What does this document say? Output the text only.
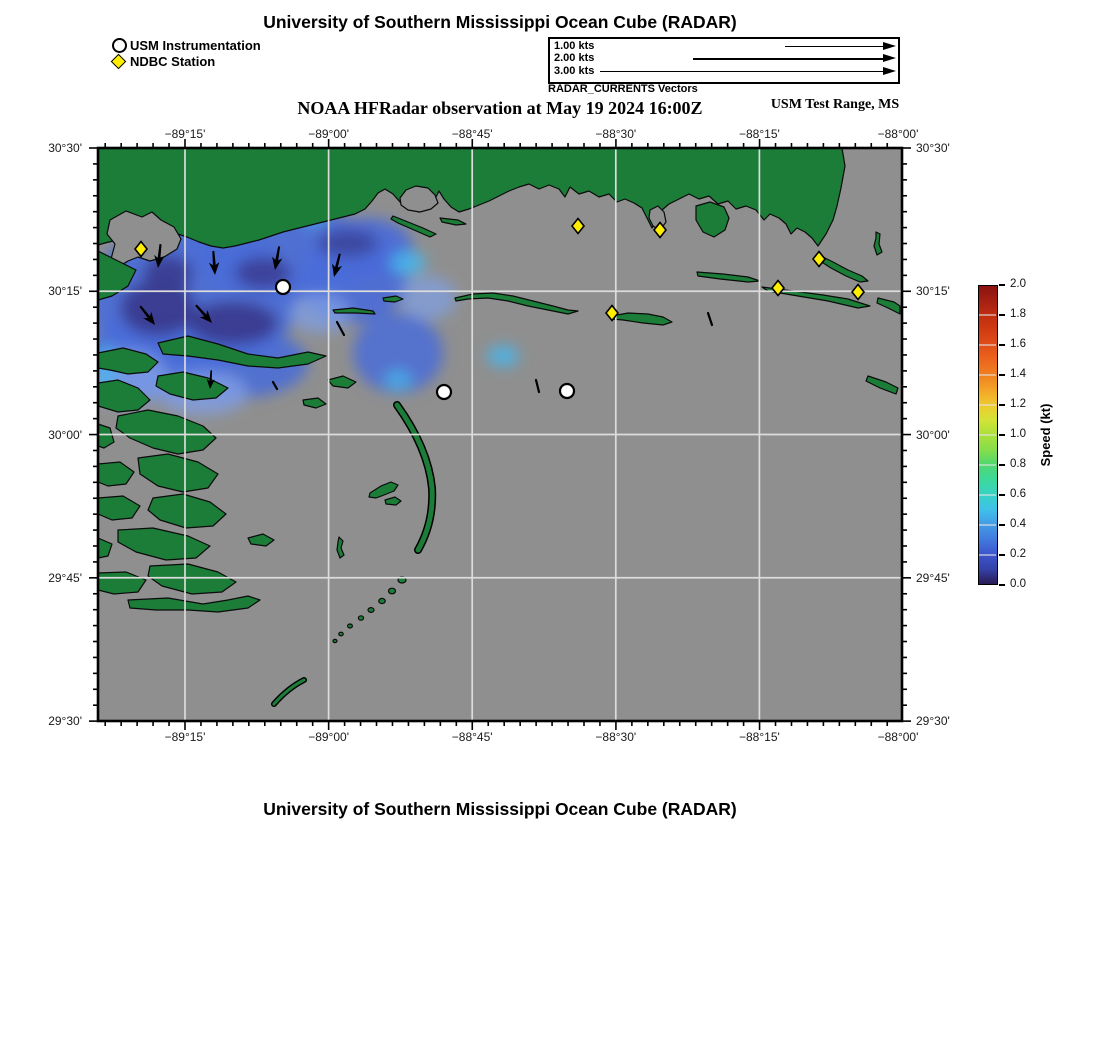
University of Southern Mississippi Ocean Cube (RADAR)
USM Instrumentation
NDBC Station
1.00 kts
2.00 kts
3.00 kts
RADAR_CURRENTS Vectors
NOAA HFRadar observation at May 19 2024 16:00Z	USM Test Range, MS
−89°15'
−89°15'
−89°00'
−89°00'
−88°45'
−88°45'
−88°30'
−88°30'
−88°15'
−88°15'
−88°00'
−88°00'
30°30'	30°30'
30°15'	30°15'
30°00'	30°00'
29°45'	29°45'
29°30'	29°30'
2.0
1.8
1.6
1.4
1.2
1.0
0.8
0.6
0.4
0.2
0.0
Speed (kt)
University of Southern Mississippi Ocean Cube (RADAR)
